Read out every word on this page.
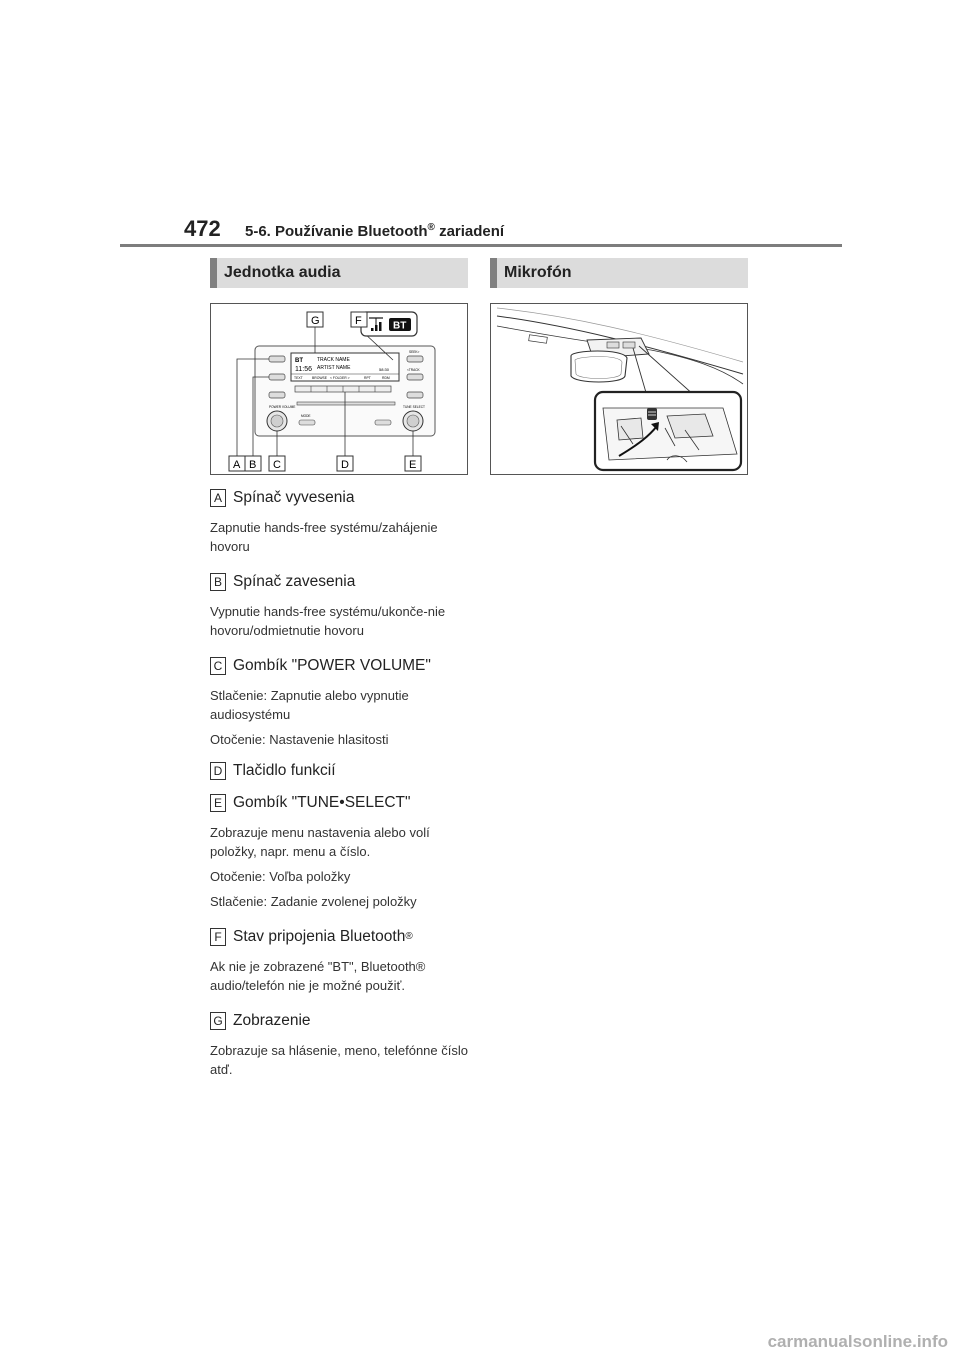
472 5-6. Používanie Bluetooth® zariadení
Jednotka audia	Mikrofón
BT
11:56
TRACK NAME
ARTIST NAME	58:30
TEXT	BROWSE < FOLDER >	RPT	RDM
POWER VOLUME
MODE
TUNE SELECT
SEEK>
<TRACK
BT
A B C	D	E
F
G
A Spínač vyvesenia
Zapnutie hands-free systému/zahájenie hovoru
B Spínač zavesenia
Vypnutie hands-free systému/ukonče-nie hovoru/odmietnutie hovoru
C Gombík "POWER VOLUME"
Stlačenie: Zapnutie alebo vypnutie audiosystému
Otočenie: Nastavenie hlasitosti
D Tlačidlo funkcií
E Gombík "TUNE•SELECT"
Zobrazuje menu nastavenia alebo volí položky, napr. menu a číslo.
Otočenie: Voľba položky
Stlačenie: Zadanie zvolenej položky
F Stav pripojenia Bluetooth ®
Ak nie je zobrazené "BT", Bluetooth® audio/telefón nie je možné použiť.
G Zobrazenie
Zobrazuje sa hlásenie, meno, telefónne číslo atď.
carmanualsonline.info
